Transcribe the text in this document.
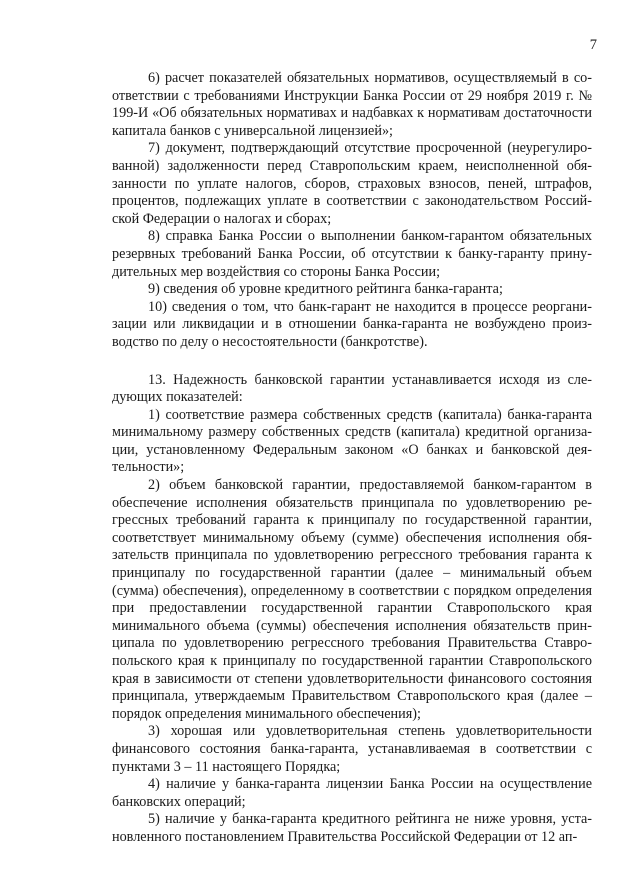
7

6) расчет показателей обязательных нормативов, осуществляемый в соответствии с требованиями Инструкции Банка России от 29 ноября 2019 г. № 199-И «Об обязательных нормативах и надбавках к нормативам достаточности капитала банков с универсальной лицензией»;

7) документ, подтверждающий отсутствие просроченной (неурегулированной) задолженности перед Ставропольским краем, неисполненной обязанности по уплате налогов, сборов, страховых взносов, пеней, штрафов, процентов, подлежащих уплате в соответствии с законодательством Российской Федерации о налогах и сборах;

8) справка Банка России о выполнении банком-гарантом обязательных резервных требований Банка России, об отсутствии к банку-гаранту принудительных мер воздействия со стороны Банка России;

9) сведения об уровне кредитного рейтинга банка-гаранта;

10) сведения о том, что банк-гарант не находится в процессе реорганизации или ликвидации и в отношении банка-гаранта не возбуждено производство по делу о несостоятельности (банкротстве).

13. Надежность банковской гарантии устанавливается исходя из следующих показателей:

1) соответствие размера собственных средств (капитала) банка-гаранта минимальному размеру собственных средств (капитала) кредитной организации, установленному Федеральным законом «О банках и банковской деятельности»;

2) объем банковской гарантии, предоставляемой банком-гарантом в обеспечение исполнения обязательств принципала по удовлетворению регрессных требований гаранта к принципалу по государственной гарантии, соответствует минимальному объему (сумме) обеспечения исполнения обязательств принципала по удовлетворению регрессного требования гаранта к принципалу по государственной гарантии (далее – минимальный объем (сумма) обеспечения), определенному в соответствии с порядком определения при предоставлении государственной гарантии Ставропольского края минимального объема (суммы) обеспечения исполнения обязательств принципала по удовлетворению регрессного требования Правительства Ставропольского края к принципалу по государственной гарантии Ставропольского края в зависимости от степени удовлетворительности финансового состояния принципала, утверждаемым Правительством Ставропольского края (далее – порядок определения минимального обеспечения);

3) хорошая или удовлетворительная степень удовлетворительности финансового состояния банка-гаранта, устанавливаемая в соответствии с пунктами 3 – 11 настоящего Порядка;

4) наличие у банка-гаранта лицензии Банка России на осуществление банковских операций;

5) наличие у банка-гаранта кредитного рейтинга не ниже уровня, установленного постановлением Правительства Российской Федерации от 12 ап-
